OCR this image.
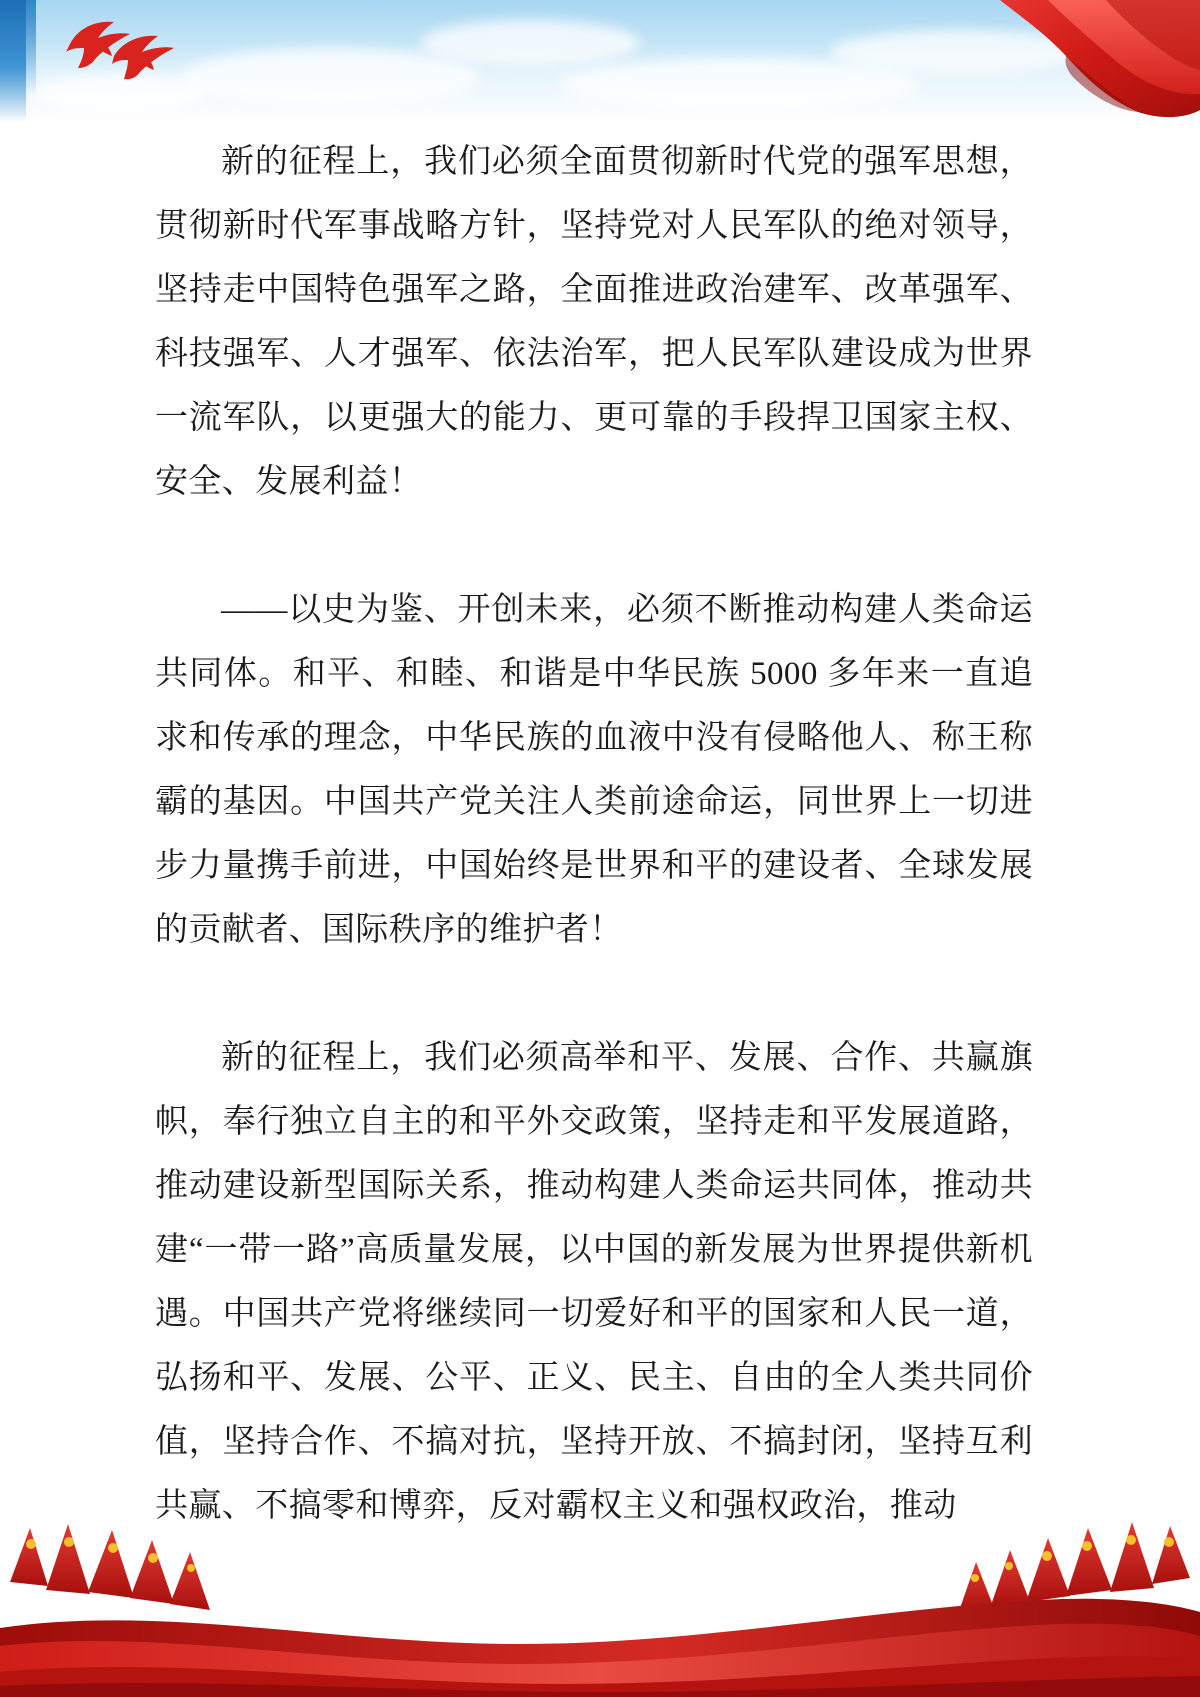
新的征程上，我们必须全面贯彻新时代党的强军思想，贯彻新时代军事战略方针，坚持党对人民军队的绝对领导，坚持走中国特色强军之路，全面推进政治建军、改革强军、科技强军、人才强军、依法治军，把人民军队建设成为世界一流军队，以更强大的能力、更可靠的手段捍卫国家主权、安全、发展利益！

——以史为鉴、开创未来，必须不断推动构建人类命运共同体。和平、和睦、和谐是中华民族 5000 多年来一直追求和传承的理念，中华民族的血液中没有侵略他人、称王称霸的基因。中国共产党关注人类前途命运，同世界上一切进步力量携手前进，中国始终是世界和平的建设者、全球发展的贡献者、国际秩序的维护者！

新的征程上，我们必须高举和平、发展、合作、共赢旗帜，奉行独立自主的和平外交政策，坚持走和平发展道路，推动建设新型国际关系，推动构建人类命运共同体，推动共建“一带一路”高质量发展，以中国的新发展为世界提供新机遇。中国共产党将继续同一切爱好和平的国家和人民一道，弘扬和平、发展、公平、正义、民主、自由的全人类共同价值，坚持合作、不搞对抗，坚持开放、不搞封闭，坚持互利共赢、不搞零和博弈，反对霸权主义和强权政治，推动
